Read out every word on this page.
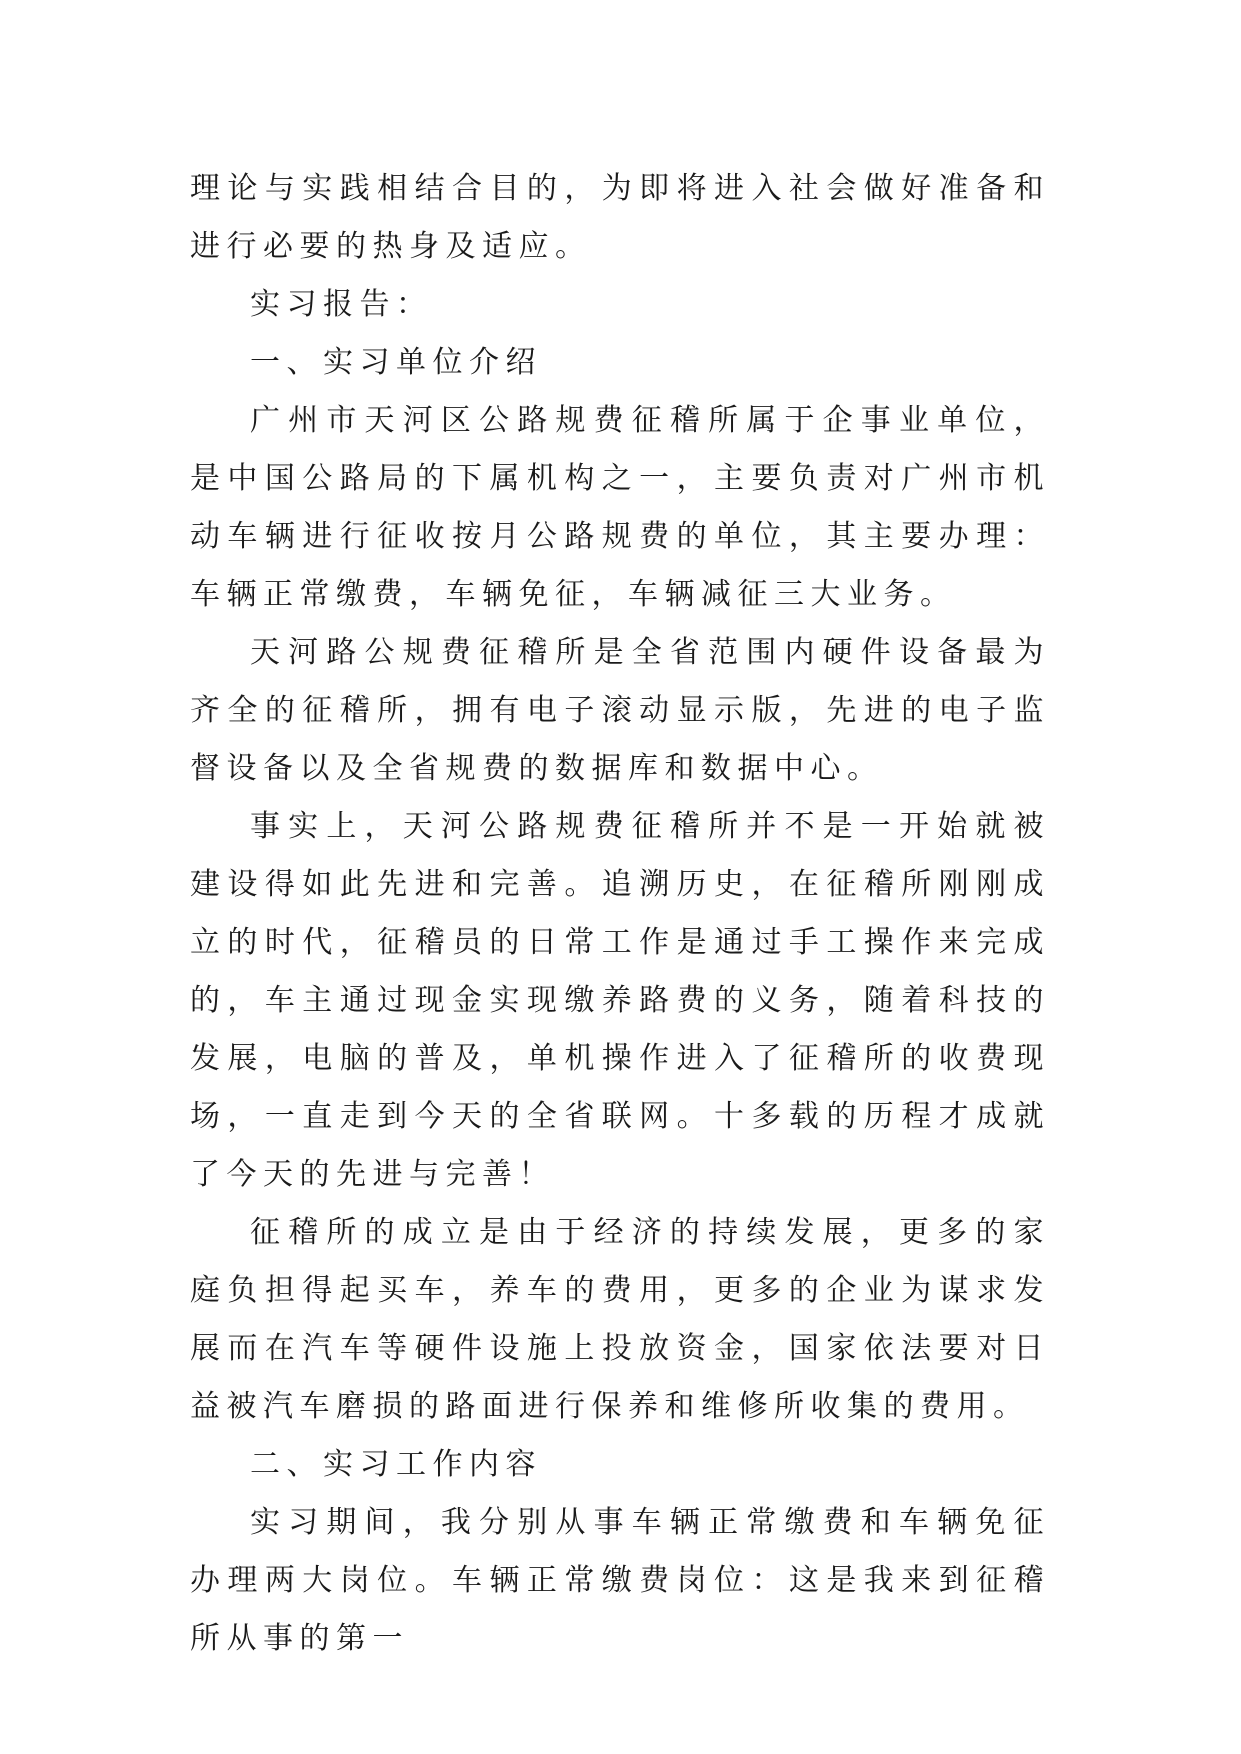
理论与实践相结合目的，为即将进入社会做好准备和进行必要的热身及适应。

实习报告：

一、实习单位介绍

广州市天河区公路规费征稽所属于企事业单位，是中国公路局的下属机构之一，主要负责对广州市机动车辆进行征收按月公路规费的单位，其主要办理：车辆正常缴费，车辆免征，车辆减征三大业务。

天河路公规费征稽所是全省范围内硬件设备最为齐全的征稽所，拥有电子滚动显示版，先进的电子监督设备以及全省规费的数据库和数据中心。

事实上，天河公路规费征稽所并不是一开始就被建设得如此先进和完善。追溯历史，在征稽所刚刚成立的时代，征稽员的日常工作是通过手工操作来完成的，车主通过现金实现缴养路费的义务，随着科技的发展，电脑的普及，单机操作进入了征稽所的收费现场，一直走到今天的全省联网。十多载的历程才成就了今天的先进与完善！

征稽所的成立是由于经济的持续发展，更多的家庭负担得起买车，养车的费用，更多的企业为谋求发展而在汽车等硬件设施上投放资金，国家依法要对日益被汽车磨损的路面进行保养和维修所收集的费用。

二、实习工作内容

实习期间，我分别从事车辆正常缴费和车辆免征办理两大岗位。车辆正常缴费岗位：这是我来到征稽所从事的第一
